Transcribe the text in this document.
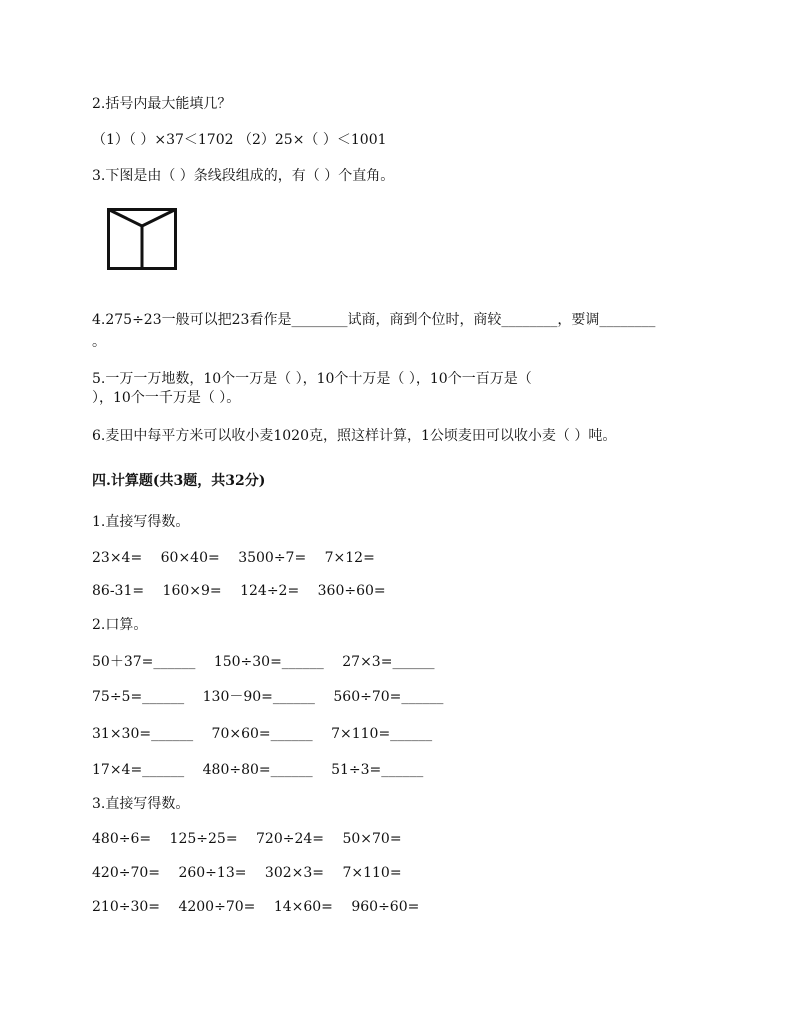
2.括号内最大能填几？
（1）（ ）×37＜1702 （2）25×（ ）＜1001
3.下图是由（ ）条线段组成的，有（ ）个直角。
4.275÷23一般可以把23看作是________试商，商到个位时，商较________，要调________
。
5.一万一万地数，10个一万是（ ），10个十万是（ ），10个一百万是（
），10个一千万是（ ）。
6.麦田中每平方米可以收小麦1020克，照这样计算，1公顷麦田可以收小麦（ ）吨。
四.计算题(共3题，共32分)
1.直接写得数。
23×4= 60×40= 3500÷7= 7×12=
86-31= 160×9= 124÷2= 360÷60=
2.口算。
50＋37=______ 150÷30=______ 27×3=______
75÷5=______ 130－90=______ 560÷70=______
31×30=______ 70×60=______ 7×110=______
17×4=______ 480÷80=______ 51÷3=______
3.直接写得数。
480÷6= 125÷25= 720÷24= 50×70=
420÷70= 260÷13= 302×3= 7×110=
210÷30= 4200÷70= 14×60= 960÷60=
